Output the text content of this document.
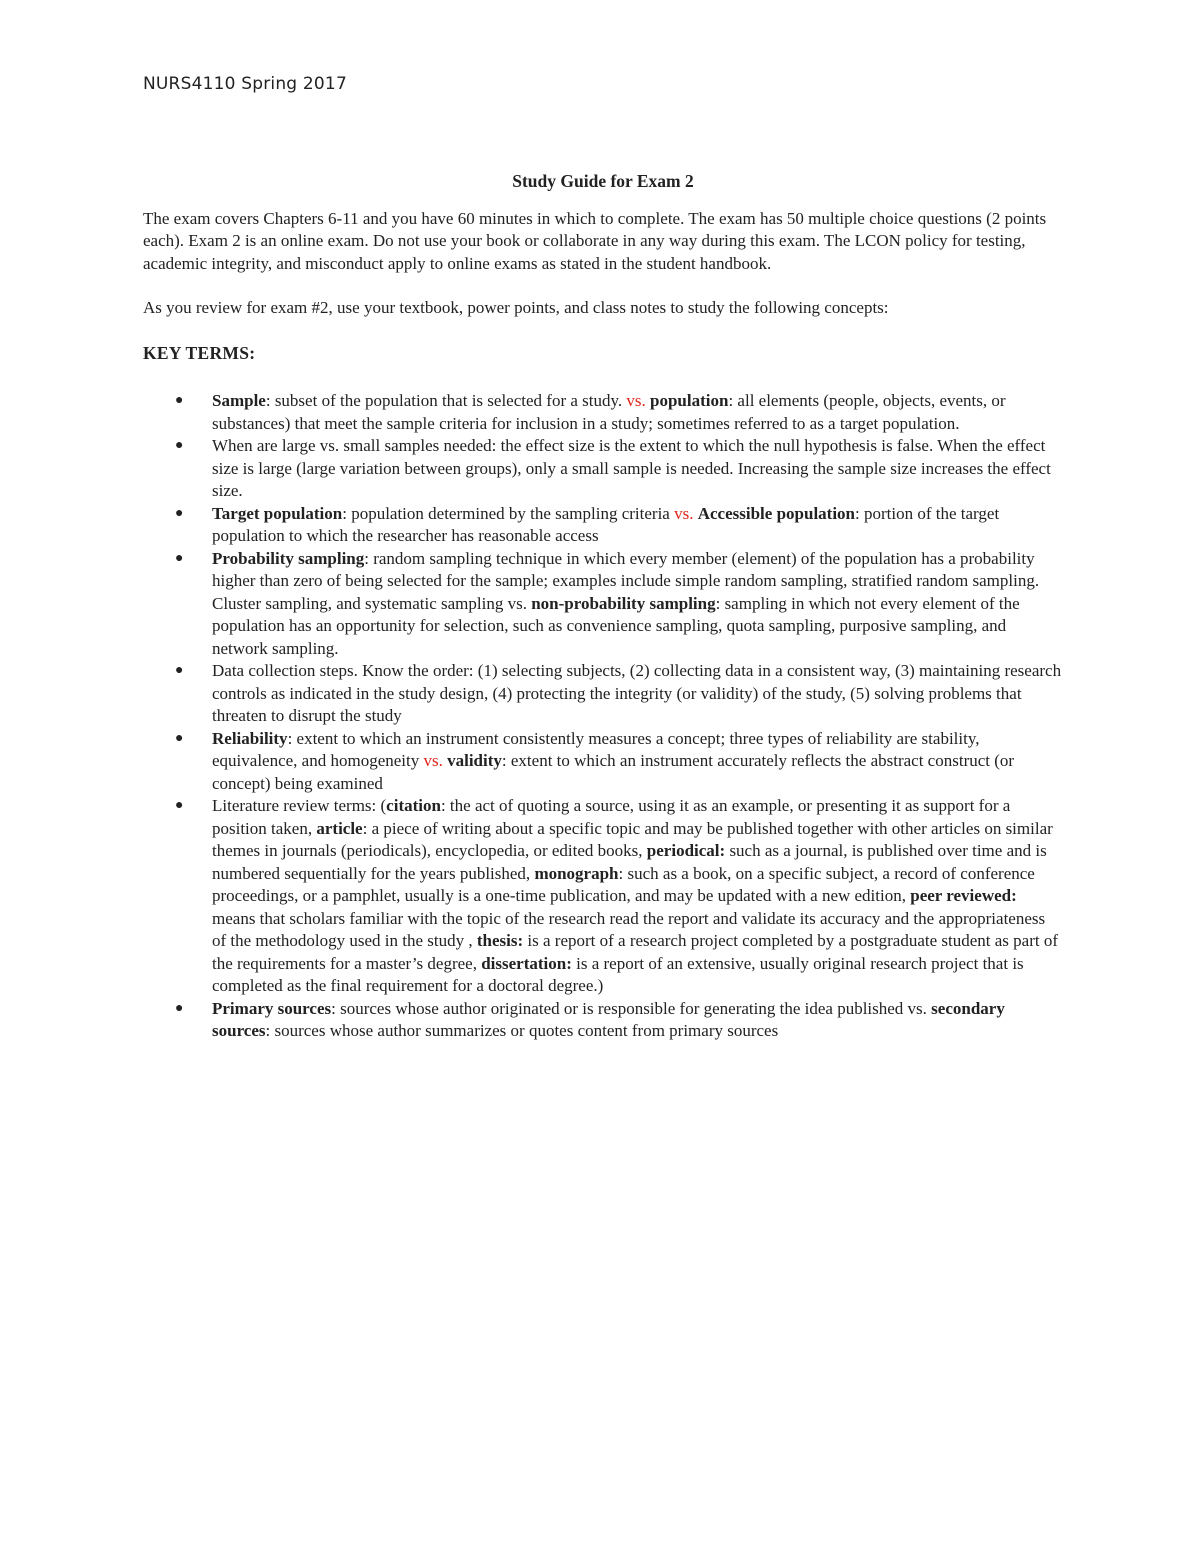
NURS4110 Spring 2017
Study Guide for Exam 2
The exam covers Chapters 6-11 and you have 60 minutes in which to complete. The exam has 50 multiple choice questions (2 points each). Exam 2 is an online exam. Do not use your book or collaborate in any way during this exam. The LCON policy for testing, academic integrity, and misconduct apply to online exams as stated in the student handbook.
As you review for exam #2, use your textbook, power points, and class notes to study the following concepts:
KEY TERMS:
● Sample: subset of the population that is selected for a study. vs. population: all elements (people, objects, events, or substances) that meet the sample criteria for inclusion in a study; sometimes referred to as a target population.
● When are large vs. small samples needed: the effect size is the extent to which the null hypothesis is false. When the effect size is large (large variation between groups), only a small sample is needed. Increasing the sample size increases the effect size.
● Target population: population determined by the sampling criteria vs. Accessible population: portion of the target population to which the researcher has reasonable access
● Probability sampling: random sampling technique in which every member (element) of the population has a probability higher than zero of being selected for the sample; examples include simple random sampling, stratified random sampling. Cluster sampling, and systematic sampling vs. non-probability sampling: sampling in which not every element of the population has an opportunity for selection, such as convenience sampling, quota sampling, purposive sampling, and network sampling.
● Data collection steps. Know the order: (1) selecting subjects, (2) collecting data in a consistent way, (3) maintaining research controls as indicated in the study design, (4) protecting the integrity (or validity) of the study, (5) solving problems that threaten to disrupt the study
● Reliability: extent to which an instrument consistently measures a concept; three types of reliability are stability, equivalence, and homogeneity vs. validity: extent to which an instrument accurately reflects the abstract construct (or concept) being examined
● Literature review terms: (citation: the act of quoting a source, using it as an example, or presenting it as support for a position taken, article: a piece of writing about a specific topic and may be published together with other articles on similar themes in journals (periodicals), encyclopedia, or edited books, periodical: such as a journal, is published over time and is numbered sequentially for the years published, monograph: such as a book, on a specific subject, a record of conference proceedings, or a pamphlet, usually is a one-time publication, and may be updated with a new edition, peer reviewed: means that scholars familiar with the topic of the research read the report and validate its accuracy and the appropriateness of the methodology used in the study , thesis: is a report of a research project completed by a postgraduate student as part of the requirements for a master’s degree, dissertation: is a report of an extensive, usually original research project that is completed as the final requirement for a doctoral degree.)
● Primary sources: sources whose author originated or is responsible for generating the idea published vs. secondary sources: sources whose author summarizes or quotes content from primary sources
